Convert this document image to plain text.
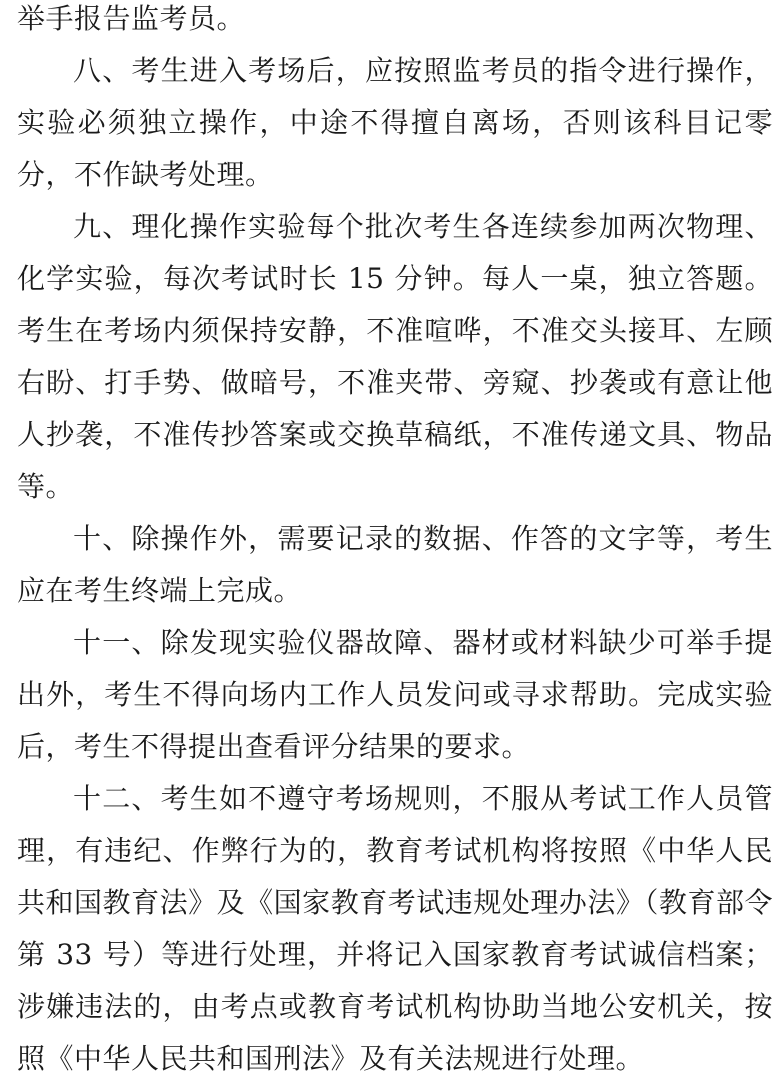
举手报告监考员。

八、考生进入考场后，应按照监考员的指令进行操作，实验必须独立操作，中途不得擅自离场，否则该科目记零分，不作缺考处理。

九、理化操作实验每个批次考生各连续参加两次物理、化学实验，每次考试时长 15 分钟。每人一桌，独立答题。考生在考场内须保持安静，不准喧哗，不准交头接耳、左顾右盼、打手势、做暗号，不准夹带、旁窥、抄袭或有意让他人抄袭，不准传抄答案或交换草稿纸，不准传递文具、物品等。

十、除操作外，需要记录的数据、作答的文字等，考生应在考生终端上完成。

十一、除发现实验仪器故障、器材或材料缺少可举手提出外，考生不得向场内工作人员发问或寻求帮助。完成实验后，考生不得提出查看评分结果的要求。

十二、考生如不遵守考场规则，不服从考试工作人员管理，有违纪、作弊行为的，教育考试机构将按照《中华人民共和国教育法》及《国家教育考试违规处理办法》（教育部令第 33 号）等进行处理，并将记入国家教育考试诚信档案；涉嫌违法的，由考点或教育考试机构协助当地公安机关，按照《中华人民共和国刑法》及有关法规进行处理。
